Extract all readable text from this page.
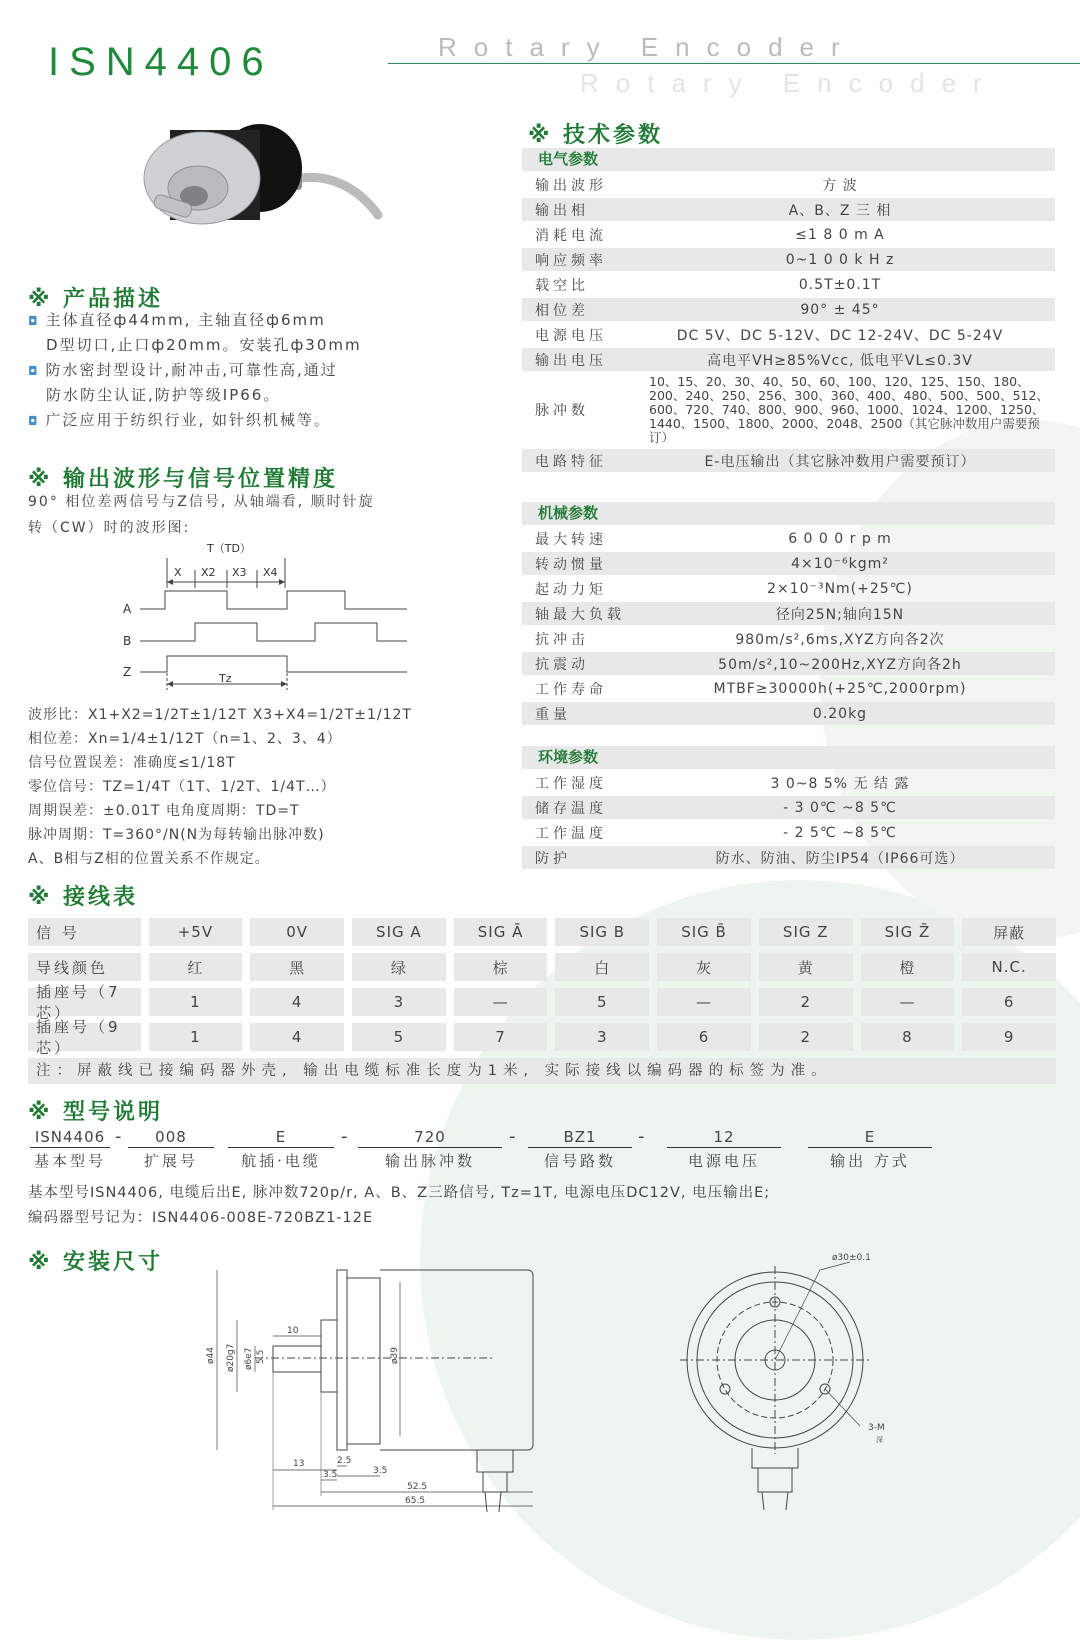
ISN4406	Rotary Encoder
Rotary Encoder
※ 产品描述
◘ 主体直径ф44mm, 主轴直径ф6mm
D型切口,止口ф20mm。安装孔ф30mm
◘ 防水密封型设计,耐冲击,可靠性高,通过
防水防尘认证,防护等级IP66。
◘ 广泛应用于纺织行业, 如针织机械等。
※ 输出波形与信号位置精度
90° 相位差两信号与Z信号, 从轴端看, 顺时针旋
转（CW）时的波形图:
T（TD）
X X2 X3 X4
A
B
Z	Tz
波形比：X1+X2=1/2T±1/12T X3+X4=1/2T±1/12T
相位差：Xn=1/4±1/12T（n=1、2、3、4）
信号位置误差：准确度≤1/18T
零位信号：TZ=1/4T（1T、1/2T、1/4T…）
周期误差：±0.01T 电角度周期：TD=T
脉冲周期：T=360°/N(N为每转输出脉冲数)
A、B相与Z相的位置关系不作规定。
※ 技术参数
电气参数
输出波形	方 波
输出相	A、B、Z 三 相
消耗电流	≤1 8 0 m A
响应频率	0~1 0 0 k H z
载空比	0.5T±0.1T
相位差	90° ± 45°
电源电压	DC 5V、DC 5-12V、DC 12-24V、DC 5-24V
输出电压	高电平VH≥85%Vcc, 低电平VL≤0.3V
脉冲数
10、15、20、30、40、50、60、100、120、125、150、180、200、240、250、256、300、360、400、480、500、500、512、600、720、740、800、900、960、1000、1024、1200、1250、1440、1500、1800、2000、2048、2500（其它脉冲数用户需要预订）
电路特征	E-电压输出（其它脉冲数用户需要预订）
机械参数
最大转速	6 0 0 0 r p m
转动惯量	4×10⁻⁶kgm²
起动力矩	2×10⁻³Nm(+25℃)
轴最大负载	径向25N;轴向15N
抗冲击	980m/s²,6ms,XYZ方向各2次
抗震动	50m/s²,10~200Hz,XYZ方向各2h
工作寿命	MTBF≥30000h(+25℃,2000rpm)
重量	0.20kg
环境参数
工作湿度	3 0~8 5% 无 结 露
储存温度	- 3 0℃ ~8 5℃
工作温度	- 2 5℃ ~8 5℃
防护	防水、防油、防尘IP54（IP66可选）
※ 接线表
信 号	+5V	0V	SIG A	SIG Ā	SIG B	SIG B̄	SIG Z	SIG Z̄	屏蔽
导线颜色	红	黑	绿	棕	白	灰	黄	橙	N.C.
插座号（7芯）
1	4	3	—	5	—	2	—	6
插座号（9芯）
1	4	5	7	3	6	2	8	9
注：屏蔽线已接编码器外壳, 输出电缆标准长度为1米, 实际接线以编码器的标签为准。
※ 型号说明
ISN4406
基本型号
-	008
扩展号
E
航插·电缆
-	720
输出脉冲数
-	BZ1
信号路数
-	12
电源电压
E
输出 方式
基本型号ISN4406, 电缆后出E, 脉冲数720p/r, A、B、Z三路信号, Tz=1T, 电源电压DC12V, 电压输出E;
编码器型号记为：ISN4406-008E-720BZ1-12E
※ 安装尺寸
ø44 ø20g7 ø6e7 5.5
10
ø39
13	2.5
3.5	3.5
52.5
65.5
ø30±0.1
3-M
深
